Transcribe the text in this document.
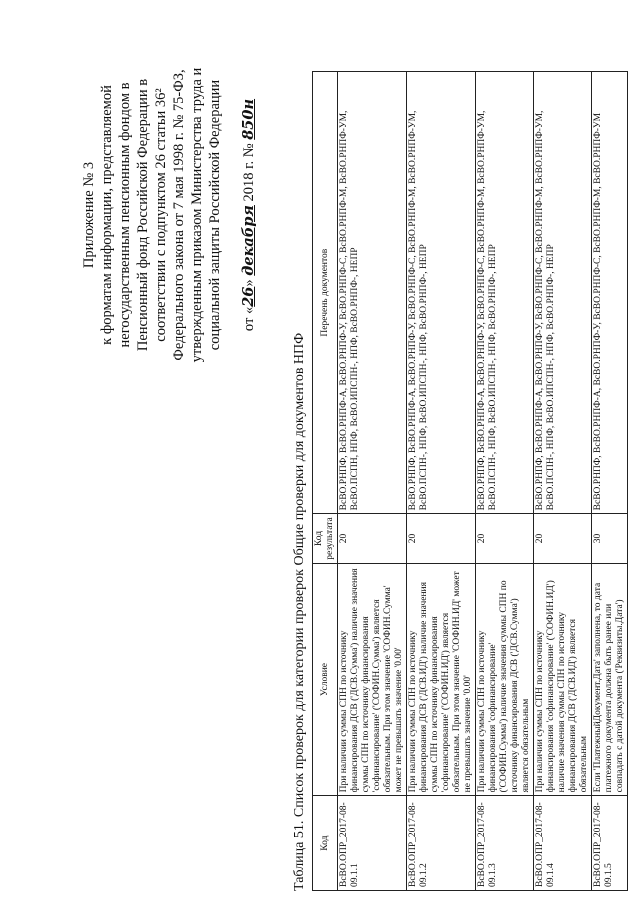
Приложение № 3 к форматам информации, представляемой негосударственным пенсионным фондом в Пенсионный фонд Российской Федерации в соответствии с подпунктом 26 статьи 36² Федерального закона от 7 мая 1998 г. № 75-ФЗ, утвержденным приказом Министерства труда и социальной защиты Российской Федерации от «26» декабря 2018 г. № 850н
Таблица 51. Список проверок для категории проверок Общие проверки для документов НПФ Код	Условие	Код результата	Перечень документов
ВсВО.ОПР_2017-08-09.1.1	При наличии суммы СПН по источнику финансирования ДСВ ('ДСВ.Сумма') наличие значения суммы СПН по источнику финансирования 'софинансирование' ('СОФИН.Сумма') является обязательным. При этом значение 'СОФИН.Сумма' может не превышать значение '0.00'	20	ВсВО.РНПФ, ВсВО.РНПФ-А, ВсВО.РНПФ-У, ВсВО.РНПФ-С, ВсВО.РНПФ-М, ВсВО.РНПФ-УМ, ВсВО.ПСПН, НПФ, ВсВО.ИПСПН-, НПФ, ВсВО.РНПФ-, НЕПР
ВсВО.ОПР_2017-08-09.1.2	При наличии суммы СПН по источнику финансирования ДСВ ('ДСВ.ИД') наличие значения суммы СПН по источнику финансирования 'софинансирование' ('СОФИН.ИД') является обязательным. При этом значение 'СОФИН.ИД' может не превышать значение '0.00'	20	ВсВО.РНПФ, ВсВО.РНПФ-А, ВсВО.РНПФ-У, ВсВО.РНПФ-С, ВсВО.РНПФ-М, ВсВО.РНПФ-УМ, ВсВО.ПСПН-, НПФ, ВсВО.ИПСПН-, НПФ, ВсВО.РНПФ-, НЕПР
ВсВО.ОПР_2017-08-09.1.3	При наличии суммы СПН по источнику финансирования 'софинансирование' ('СОФИН.Сумма') наличие значения суммы СПН по источнику финансирования ДСВ ('ДСВ.Сумма') является обязательным	20	ВсВО.РНПФ, ВсВО.РНПФ-А, ВсВО.РНПФ-У, ВсВО.РНПФ-С, ВсВО.РНПФ-М, ВсВО.РНПФ-УМ, ВсВО.ПСПН-, НПФ, ВсВО.ИПСПН-, НПФ, ВсВО.РНПФ-, НЕПР
ВсВО.ОПР_2017-08-09.1.4	При наличии суммы СПН по источнику финансирования 'софинансирование' ('СОФИН.ИД') наличие значения суммы СПН по источнику финансирования ДСВ ('ДСВ.ИД') является обязательным	20	ВсВО.РНПФ, ВсВО.РНПФ-А, ВсВО.РНПФ-У, ВсВО.РНПФ-С, ВсВО.РНПФ-М, ВсВО.РНПФ-УМ, ВсВО.ПСПН-, НПФ, ВсВО.ИПСПН-, НПФ, ВсВО.РНПФ-, НЕПР
ВсВО.ОПР_2017-08-09.1.5	Если 'ПлатежныйДокумент.Дата' заполнена, то дата платежного документа должна быть ранее или совпадать с датой документа ('Реквизиты.Дата')	30	ВсВО.РНПФ, ВсВО.РНПФ-А, ВсВО.РНПФ-У, ВсВО.РНПФ-С, ВсВО.РНПФ-М, ВсВО.РНПФ-УМ
